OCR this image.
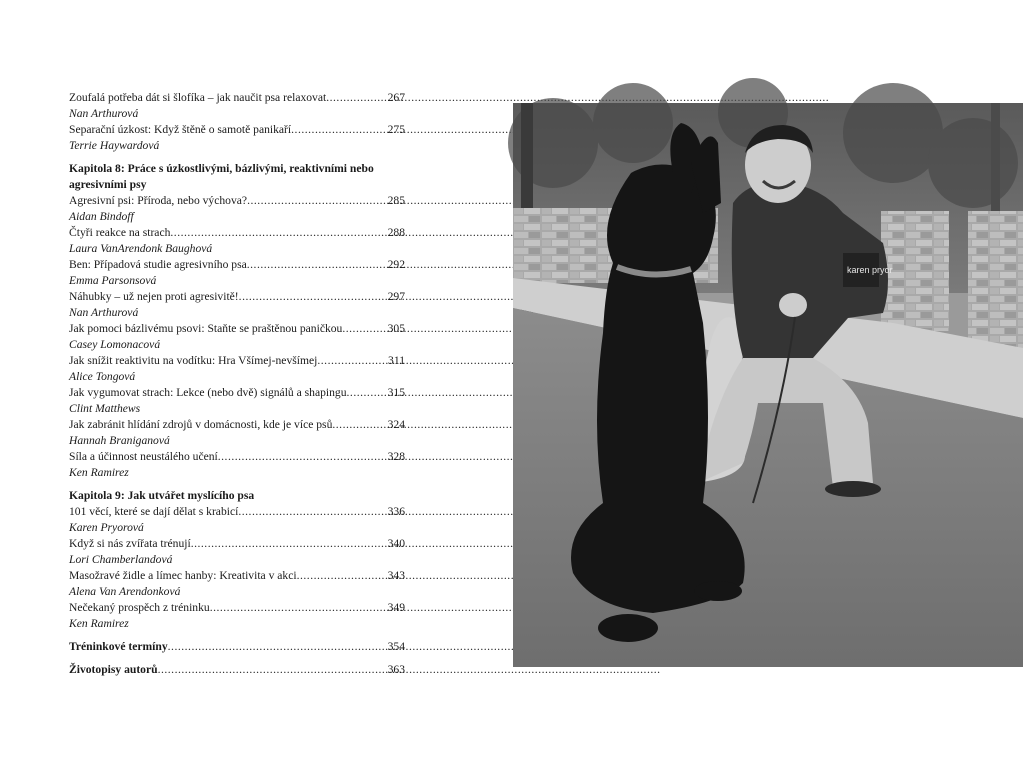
Zoufalá potřeba dát si šlofíka – jak naučit psa relaxovat .....	267
Nan Arthurová
Separační úzkost: Když štěně o samotě panikaří .....	275
Terrie Haywardová
Kapitola 8: Práce s úzkostlivými, bázlivými, reaktivními nebo agresivními psy
Agresivní psi: Příroda, nebo výchova? .....	285
Aidan Bindoff
Čtyři reakce na strach .....	288
Laura VanArendonk Baughová
Ben: Případová studie agresivního psa .....	292
Emma Parsonsová
Náhubky – už nejen proti agresivitě! .....	297
Nan Arthurová
Jak pomoci bázlivému psovi: Staňte se praštěnou paničkou .....	305
Casey Lomonacová
Jak snížit reaktivitu na vodítku: Hra Všímej-nevšímej .....	311
Alice Tongová
Jak vygumovat strach: Lekce (nebo dvě) signálů a shapingu .....	315
Clint Matthews
Jak zabránit hlídání zdrojů v domácnosti, kde je více psů .....	324
Hannah Braniganová
Síla a účinnost neustálého učení .....	328
Ken Ramirez
Kapitola 9: Jak utvářet myslícího psa
101 věcí, které se dají dělat s krabicí .....	336
Karen Pryorová
Když si nás zvířata trénují .....	340
Lori Chamberlandová
Masožravé židle a límec hanby: Kreativita v akci .....	343
Alena Van Arendonková
Nečekaný prospěch z tréninku .....	349
Ken Ramirez
Tréninkové termíny .....	354
Životopisy autorů .....	363
karen pryor
